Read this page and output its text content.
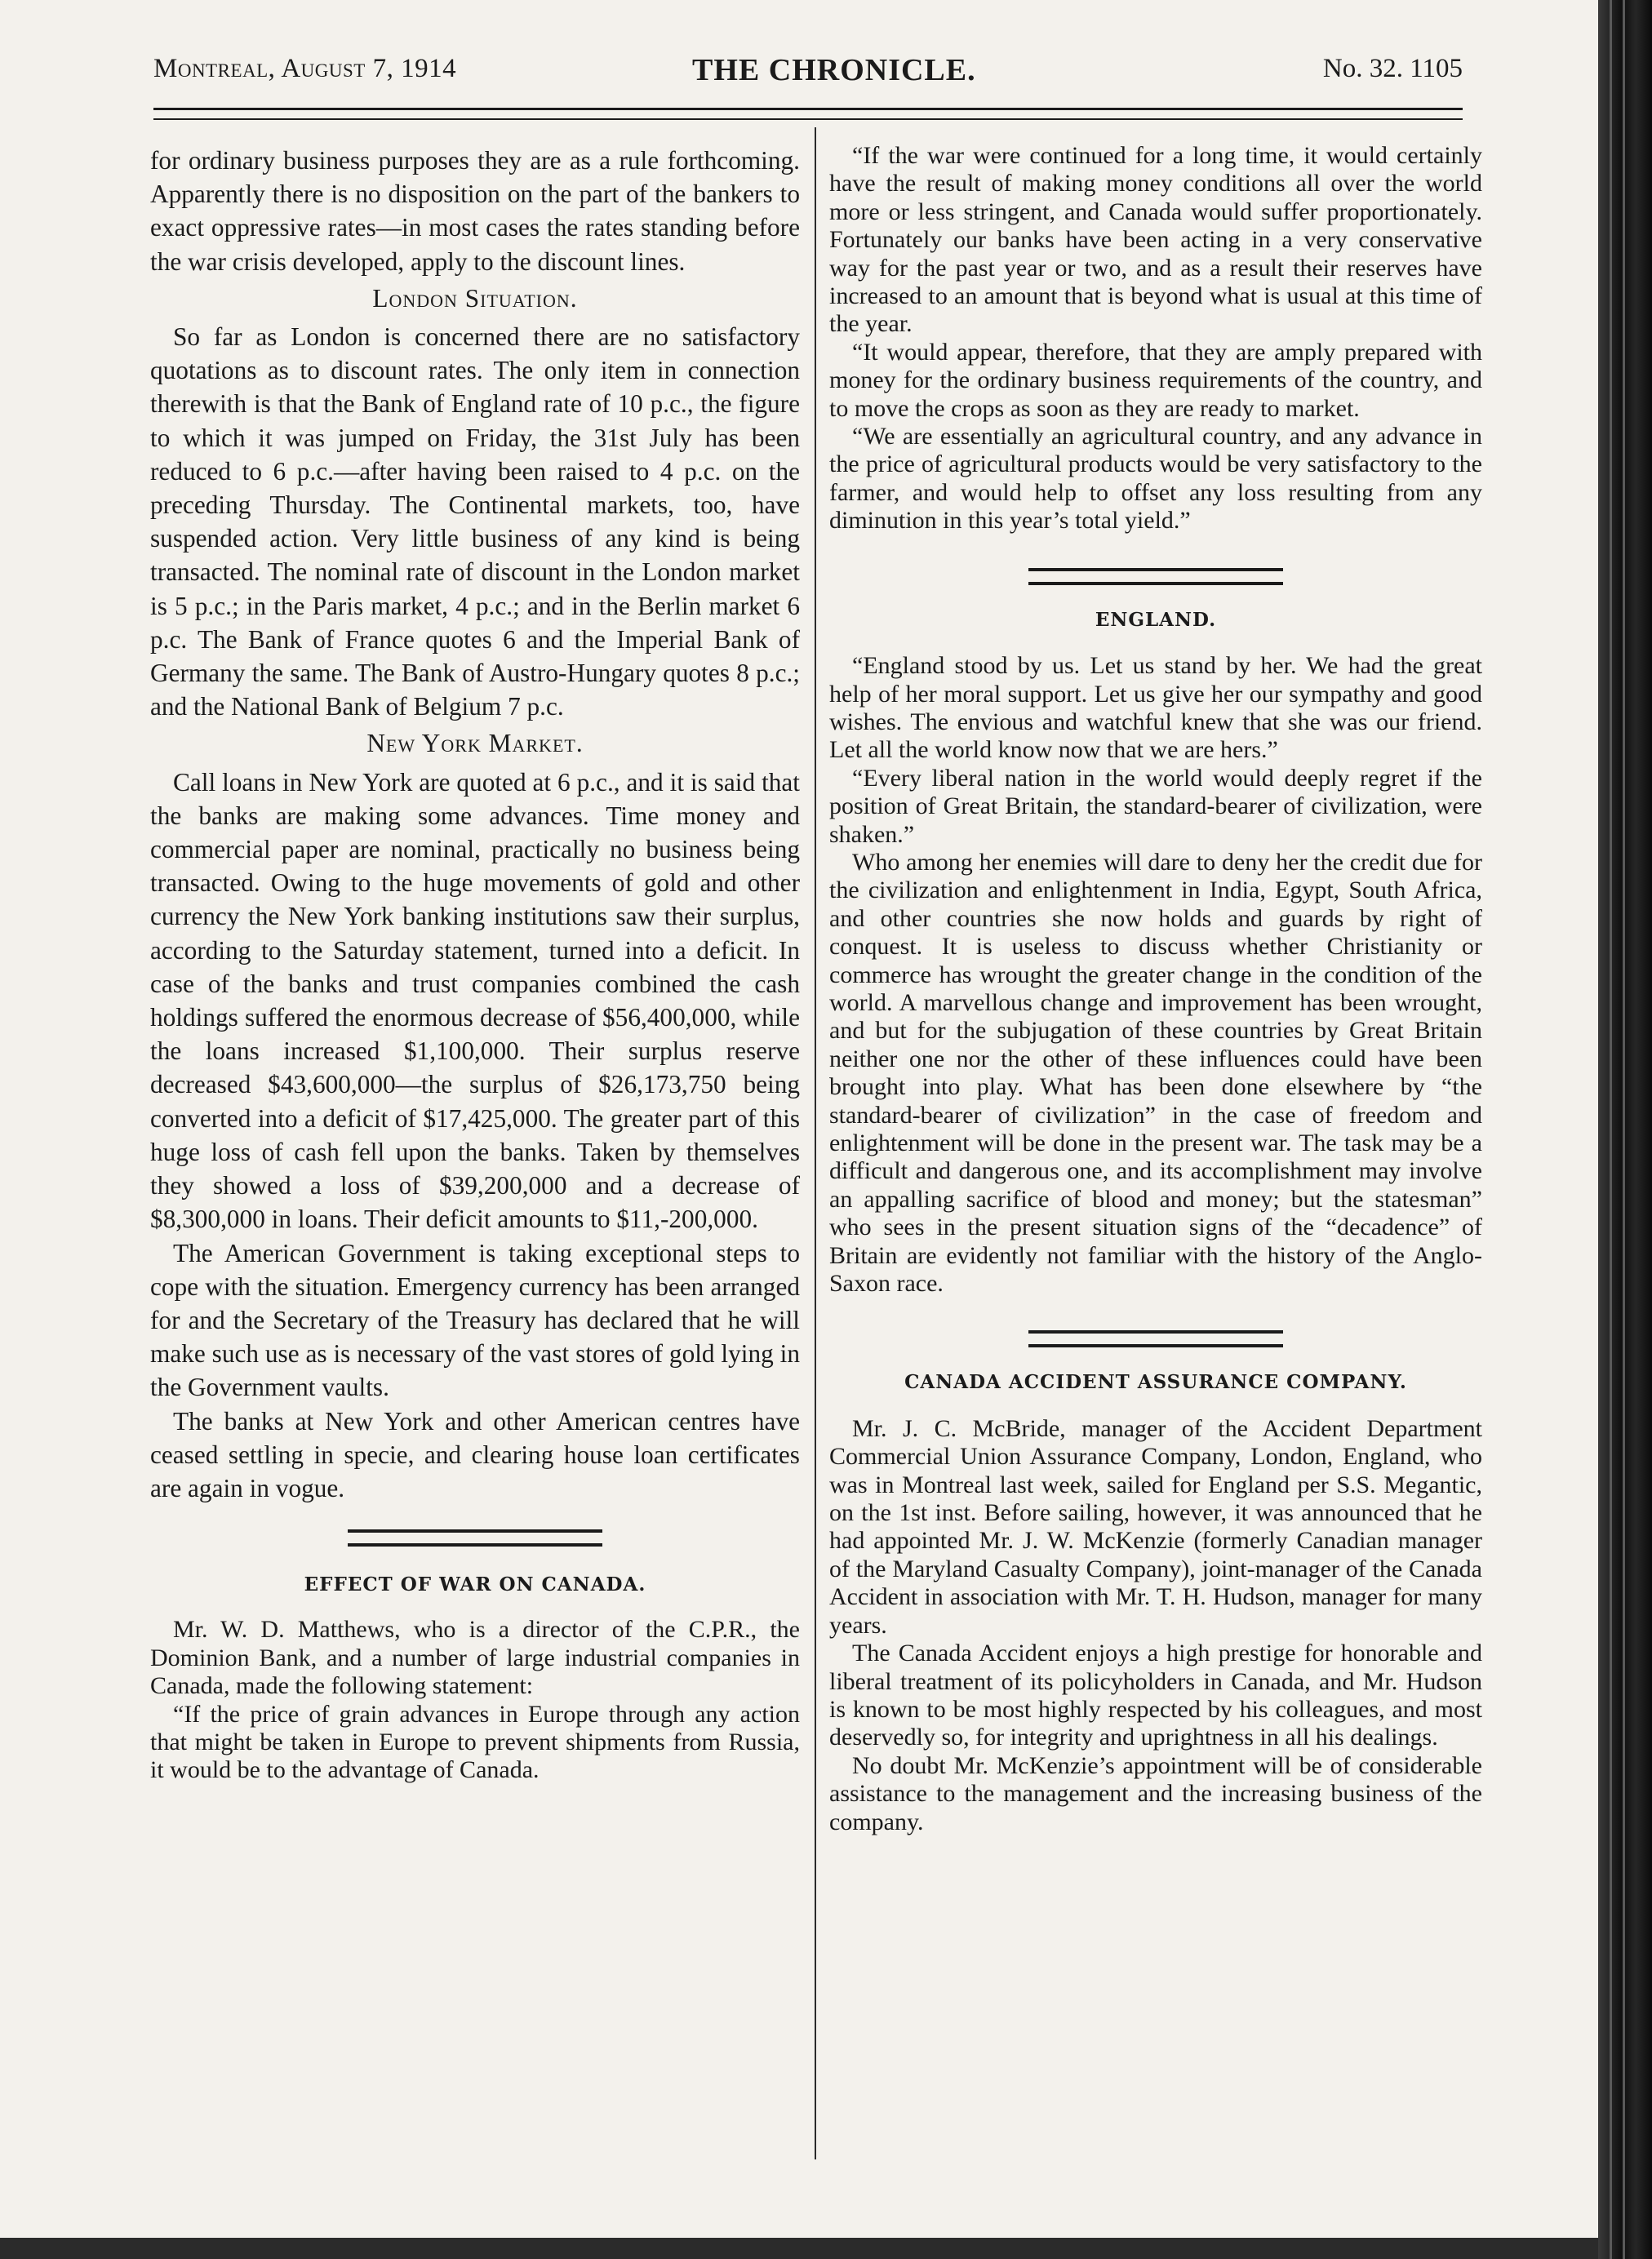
Montreal, August 7, 1914	THE CHRONICLE.	No. 32. 1105

for ordinary business purposes they are as a rule forthcoming. Apparently there is no disposition on the part of the bankers to exact oppressive rates—in most cases the rates standing before the war crisis developed, apply to the discount lines.

London Situation.

So far as London is concerned there are no satisfactory quotations as to discount rates. The only item in connection therewith is that the Bank of England rate of 10 p.c., the figure to which it was jumped on Friday, the 31st July has been reduced to 6 p.c.—after having been raised to 4 p.c. on the preceding Thursday. The Continental markets, too, have suspended action. Very little business of any kind is being transacted. The nominal rate of discount in the London market is 5 p.c.; in the Paris market, 4 p.c.; and in the Berlin market 6 p.c. The Bank of France quotes 6 and the Imperial Bank of Germany the same. The Bank of Austro-Hungary quotes 8 p.c.; and the National Bank of Belgium 7 p.c.

New York Market.

Call loans in New York are quoted at 6 p.c., and it is said that the banks are making some advances. Time money and commercial paper are nominal, practically no business being transacted. Owing to the huge movements of gold and other currency the New York banking institutions saw their surplus, according to the Saturday statement, turned into a deficit. In case of the banks and trust companies combined the cash holdings suffered the enormous decrease of $56,400,000, while the loans increased $1,100,000. Their surplus reserve decreased $43,600,000—the surplus of $26,173,750 being converted into a deficit of $17,425,000. The greater part of this huge loss of cash fell upon the banks. Taken by themselves they showed a loss of $39,200,000 and a decrease of $8,300,000 in loans. Their deficit amounts to $11,-200,000.

The American Government is taking exceptional steps to cope with the situation. Emergency currency has been arranged for and the Secretary of the Treasury has declared that he will make such use as is necessary of the vast stores of gold lying in the Government vaults.

The banks at New York and other American centres have ceased settling in specie, and clearing house loan certificates are again in vogue.

EFFECT OF WAR ON CANADA.

Mr. W. D. Matthews, who is a director of the C.P.R., the Dominion Bank, and a number of large industrial companies in Canada, made the following statement:

“If the price of grain advances in Europe through any action that might be taken in Europe to prevent shipments from Russia, it would be to the advantage of Canada.

“If the war were continued for a long time, it would certainly have the result of making money conditions all over the world more or less stringent, and Canada would suffer proportionately. Fortunately our banks have been acting in a very conservative way for the past year or two, and as a result their reserves have increased to an amount that is beyond what is usual at this time of the year.

“It would appear, therefore, that they are amply prepared with money for the ordinary business requirements of the country, and to move the crops as soon as they are ready to market.

“We are essentially an agricultural country, and any advance in the price of agricultural products would be very satisfactory to the farmer, and would help to offset any loss resulting from any diminution in this year’s total yield.”

ENGLAND.

“England stood by us. Let us stand by her. We had the great help of her moral support. Let us give her our sympathy and good wishes. The envious and watchful knew that she was our friend. Let all the world know now that we are hers.”

“Every liberal nation in the world would deeply regret if the position of Great Britain, the standard-bearer of civilization, were shaken.”

Who among her enemies will dare to deny her the credit due for the civilization and enlightenment in India, Egypt, South Africa, and other countries she now holds and guards by right of conquest. It is useless to discuss whether Christianity or commerce has wrought the greater change in the condition of the world. A marvellous change and improvement has been wrought, and but for the subjugation of these countries by Great Britain neither one nor the other of these influences could have been brought into play. What has been done elsewhere by “the standard-bearer of civilization” in the case of freedom and enlightenment will be done in the present war. The task may be a difficult and dangerous one, and its accomplishment may involve an appalling sacrifice of blood and money; but the statesman” who sees in the present situation signs of the “decadence” of Britain are evidently not familiar with the history of the Anglo-Saxon race.

CANADA ACCIDENT ASSURANCE COMPANY.

Mr. J. C. McBride, manager of the Accident Department Commercial Union Assurance Company, London, England, who was in Montreal last week, sailed for England per S.S. Megantic, on the 1st inst. Before sailing, however, it was announced that he had appointed Mr. J. W. McKenzie (formerly Canadian manager of the Maryland Casualty Company), joint-manager of the Canada Accident in association with Mr. T. H. Hudson, manager for many years.

The Canada Accident enjoys a high prestige for honorable and liberal treatment of its policyholders in Canada, and Mr. Hudson is known to be most highly respected by his colleagues, and most deservedly so, for integrity and uprightness in all his dealings.

No doubt Mr. McKenzie’s appointment will be of considerable assistance to the management and the increasing business of the company.
